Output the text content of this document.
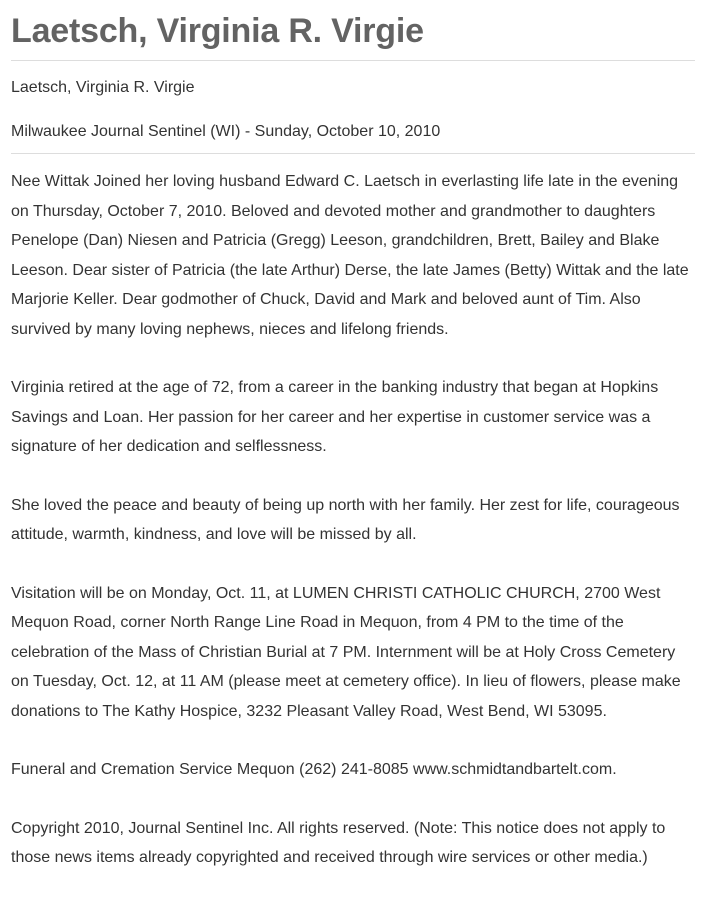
Laetsch, Virginia R. Virgie

Laetsch, Virginia R. Virgie

Milwaukee Journal Sentinel (WI) - Sunday, October 10, 2010

Nee Wittak Joined her loving husband Edward C. Laetsch in everlasting life late in the evening on Thursday, October 7, 2010. Beloved and devoted mother and grandmother to daughters Penelope (Dan) Niesen and Patricia (Gregg) Leeson, grandchildren, Brett, Bailey and Blake Leeson. Dear sister of Patricia (the late Arthur) Derse, the late James (Betty) Wittak and the late Marjorie Keller. Dear godmother of Chuck, David and Mark and beloved aunt of Tim. Also survived by many loving nephews, nieces and lifelong friends.

Virginia retired at the age of 72, from a career in the banking industry that began at Hopkins Savings and Loan. Her passion for her career and her expertise in customer service was a signature of her dedication and selflessness.

She loved the peace and beauty of being up north with her family. Her zest for life, courageous attitude, warmth, kindness, and love will be missed by all.

Visitation will be on Monday, Oct. 11, at LUMEN CHRISTI CATHOLIC CHURCH, 2700 West Mequon Road, corner North Range Line Road in Mequon, from 4 PM to the time of the celebration of the Mass of Christian Burial at 7 PM. Internment will be at Holy Cross Cemetery on Tuesday, Oct. 12, at 11 AM (please meet at cemetery office). In lieu of flowers, please make donations to The Kathy Hospice, 3232 Pleasant Valley Road, West Bend, WI 53095.

Funeral and Cremation Service Mequon (262) 241-8085 www.schmidtandbartelt.com.

Copyright 2010, Journal Sentinel Inc. All rights reserved. (Note: This notice does not apply to those news items already copyrighted and received through wire services or other media.)
